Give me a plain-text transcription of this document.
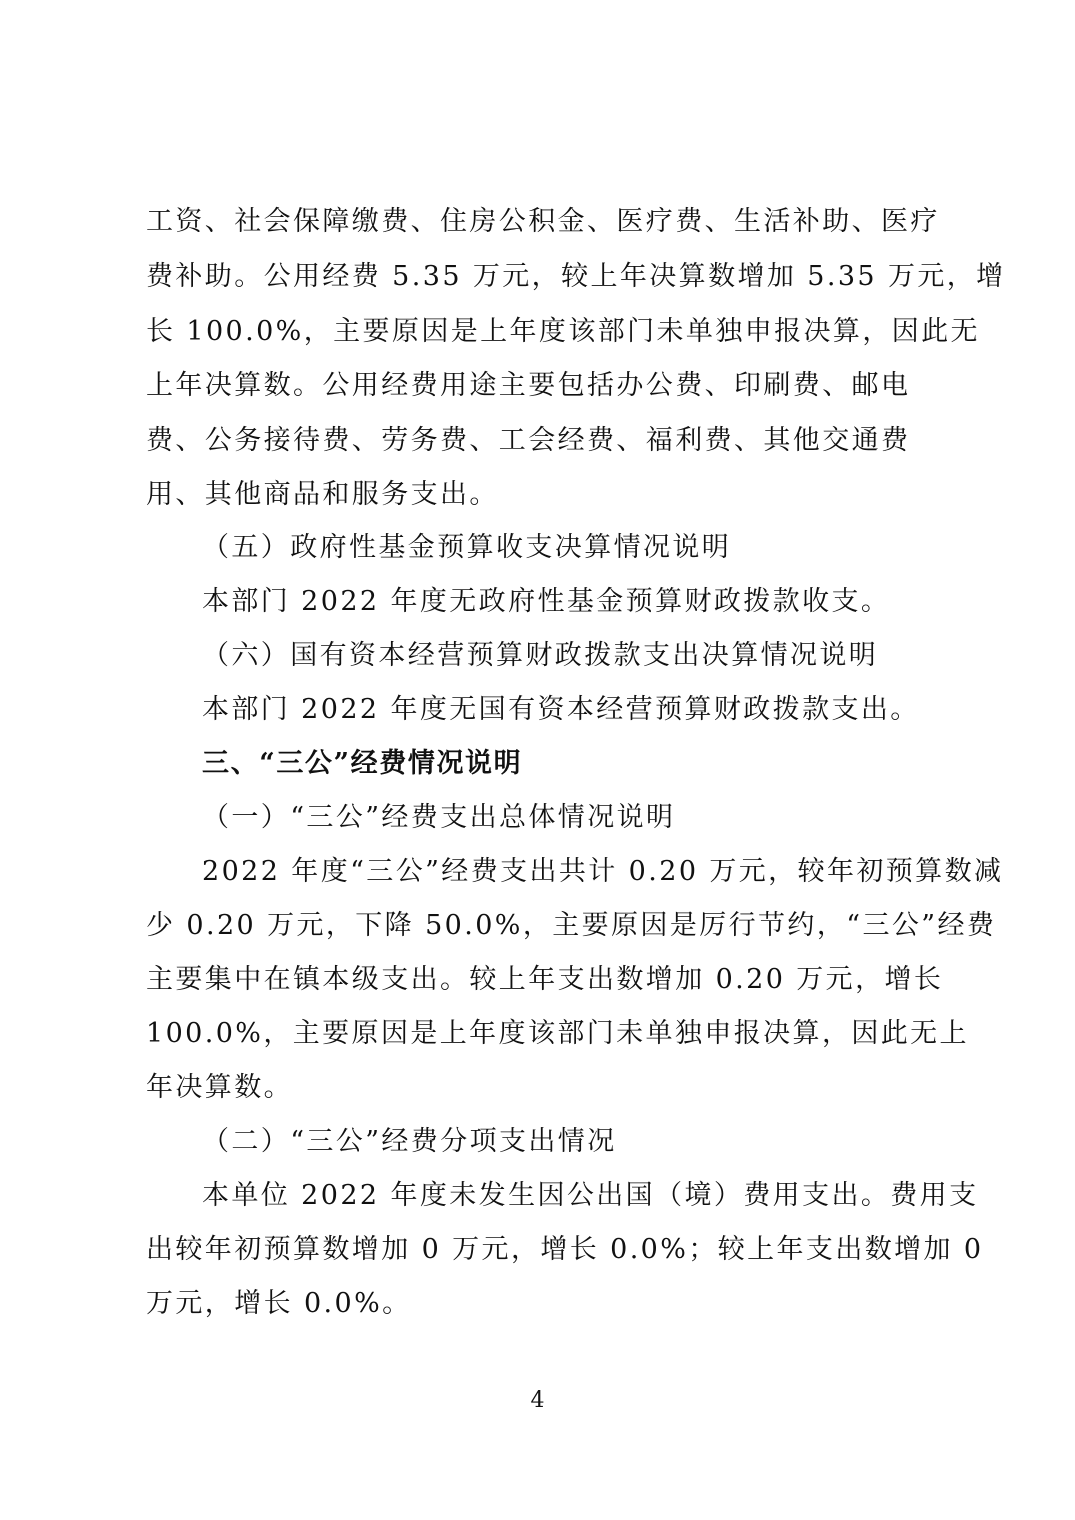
工资、社会保障缴费、住房公积金、医疗费、生活补助、医疗
费补助。公用经费 5.35 万元，较上年决算数增加 5.35 万元，增
长 100.0%，主要原因是上年度该部门未单独申报决算，因此无
上年决算数。公用经费用途主要包括办公费、印刷费、邮电
费、公务接待费、劳务费、工会经费、福利费、其他交通费
用、其他商品和服务支出。
（五）政府性基金预算收支决算情况说明
本部门 2022 年度无政府性基金预算财政拨款收支。
（六）国有资本经营预算财政拨款支出决算情况说明
本部门 2022 年度无国有资本经营预算财政拨款支出。
三、“三公”经费情况说明
（一）“三公”经费支出总体情况说明
2022 年度“三公”经费支出共计 0.20 万元，较年初预算数减
少 0.20 万元，下降 50.0%，主要原因是厉行节约，“三公”经费
主要集中在镇本级支出。较上年支出数增加 0.20 万元，增长
100.0%，主要原因是上年度该部门未单独申报决算，因此无上
年决算数。
（二）“三公”经费分项支出情况
本单位 2022 年度未发生因公出国（境）费用支出。费用支
出较年初预算数增加 0 万元，增长 0.0%；较上年支出数增加 0
万元，增长 0.0%。
4
